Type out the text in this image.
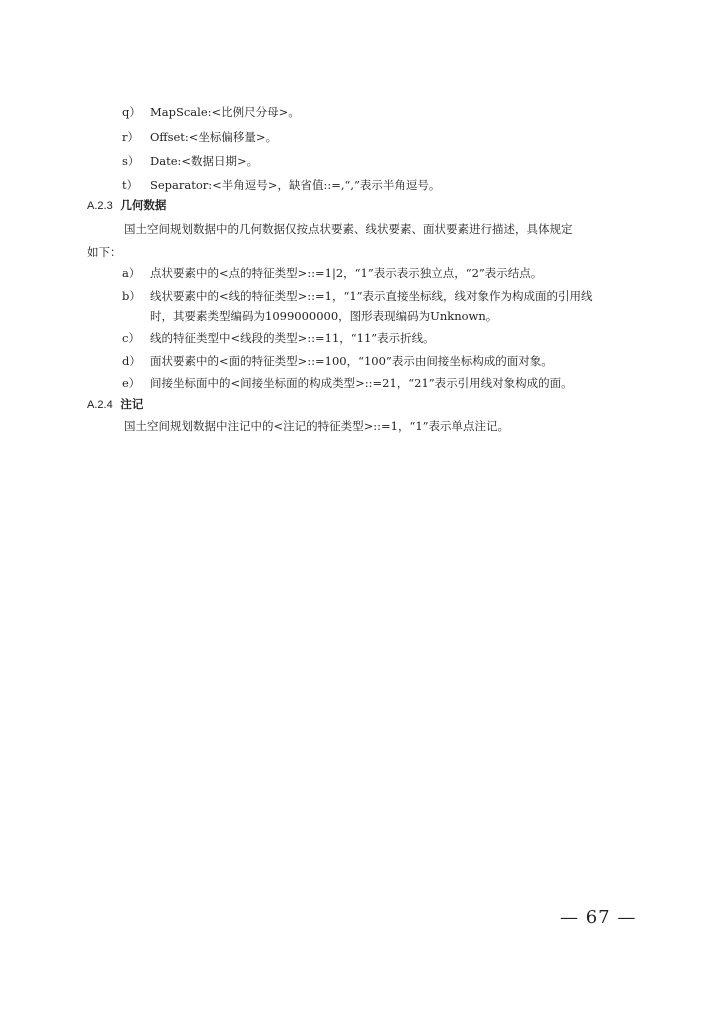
q） MapScale:<比例尺分母>。
r） Offset:<坐标偏移量>。
s） Date:<数据日期>。
t） Separator:<半角逗号>，缺省值::=,“,”表示半角逗号。
A.2.3 几何数据
国土空间规划数据中的几何数据仅按点状要素、线状要素、面状要素进行描述，具体规定
如下：
a） 点状要素中的<点的特征类型>::=1|2，“1”表示表示独立点，“2”表示结点。
b） 线状要素中的<线的特征类型>::=1，“1”表示直接坐标线，线对象作为构成面的引用线
时，其要素类型编码为1099000000，图形表现编码为Unknown。
c） 线的特征类型中<线段的类型>::=11，“11”表示折线。
d） 面状要素中的<面的特征类型>::=100，“100”表示由间接坐标构成的面对象。
e） 间接坐标面中的<间接坐标面的构成类型>::=21，“21”表示引用线对象构成的面。
A.2.4 注记
国土空间规划数据中注记中的<注记的特征类型>::=1，“1”表示单点注记。
— 67 —
